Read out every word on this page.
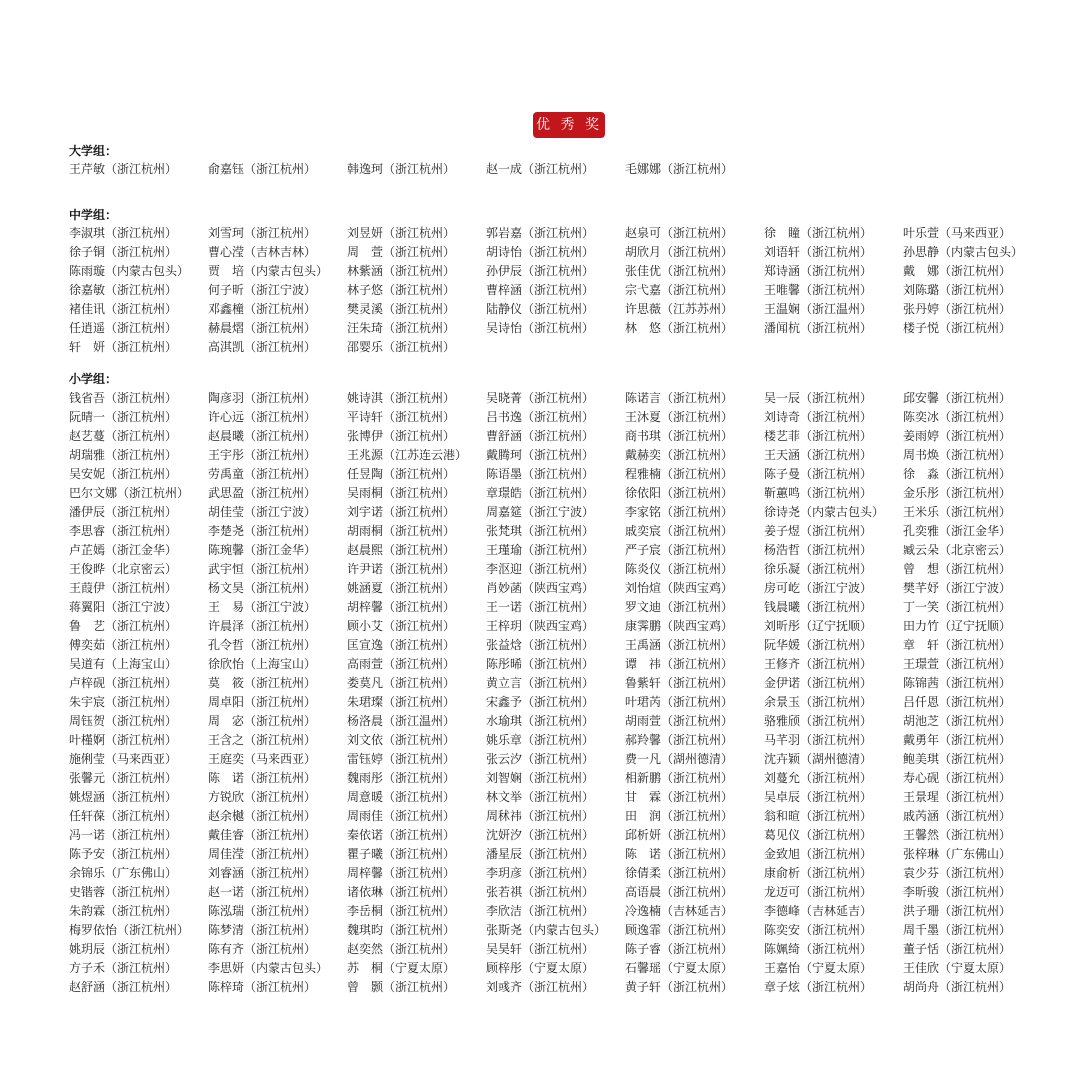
优 秀 奖
大学组：
王芹敏（浙江杭州）	俞嘉钰（浙江杭州）	韩逸珂（浙江杭州）	赵一成（浙江杭州）	毛娜娜（浙江杭州）
中学组：
李淑琪（浙江杭州）	刘雪珂（浙江杭州）	刘昱妍（浙江杭州）	郭岩嘉（浙江杭州）	赵泉可（浙江杭州）	徐　瞳（浙江杭州）	叶乐萱（马来西亚）
徐子铜（浙江杭州）	曹心滢（吉林吉林）	周　萱（浙江杭州）	胡诗怡（浙江杭州）	胡欣月（浙江杭州）	刘语轩（浙江杭州）	孙思静（内蒙古包头）
陈雨璇（内蒙古包头）	贾　培（内蒙古包头）	林紫涵（浙江杭州）	孙伊辰（浙江杭州）	张佳优（浙江杭州）	郑诗涵（浙江杭州）	戴　娜（浙江杭州）
徐嘉敏（浙江杭州）	何子昕（浙江宁波）	林子悠（浙江杭州）	曹梓涵（浙江杭州）	宗弋嘉（浙江杭州）	王唯馨（浙江杭州）	刘陈璐（浙江杭州）
褚佳讯（浙江杭州）	邓鑫橦（浙江杭州）	樊灵溪（浙江杭州）	陆静仪（浙江杭州）	许思薇（江苏苏州）	王温娴（浙江温州）	张丹婷（浙江杭州）
任逍遥（浙江杭州）	赫晨熠（浙江杭州）	汪朱琦（浙江杭州）	吴诗怡（浙江杭州）	林　悠（浙江杭州）	潘闻杭（浙江杭州）	楼子悦（浙江杭州）
轩　妍（浙江杭州）	高淇凯（浙江杭州）	邵婴乐（浙江杭州）
小学组：
钱省吾（浙江杭州）	陶彦羽（浙江杭州）	姚诗淇（浙江杭州）	吴晓菁（浙江杭州）	陈诺言（浙江杭州）	吴一辰（浙江杭州）	邱安馨（浙江杭州）
阮晴一（浙江杭州）	许心远（浙江杭州）	平诗轩（浙江杭州）	吕书逸（浙江杭州）	王沐夏（浙江杭州）	刘诗奇（浙江杭州）	陈奕冰（浙江杭州）
赵艺蔓（浙江杭州）	赵晨曦（浙江杭州）	张博伊（浙江杭州）	曹舒涵（浙江杭州）	商书琪（浙江杭州）	楼艺菲（浙江杭州）	姜雨婷（浙江杭州）
胡瑞雅（浙江杭州）	王宇彤（浙江杭州）	王兆源（江苏连云港）	戴腾珂（浙江杭州）	戴赫奕（浙江杭州）	王天涵（浙江杭州）	周书焕（浙江杭州）
吴安妮（浙江杭州）	劳禹童（浙江杭州）	任昱陶（浙江杭州）	陈语墨（浙江杭州）	程雅楠（浙江杭州）	陈子曼（浙江杭州）	徐　淼（浙江杭州）
巴尔文娜（浙江杭州）	武思盈（浙江杭州）	吴雨桐（浙江杭州）	章璟皓（浙江杭州）	徐依阳（浙江杭州）	靳蕙鸣（浙江杭州）	金乐彤（浙江杭州）
潘伊辰（浙江杭州）	胡佳莹（浙江宁波）	刘宇诺（浙江杭州）	周嘉筵（浙江宁波）	李家铭（浙江杭州）	徐诗尧（内蒙古包头）	王米乐（浙江杭州）
李思睿（浙江杭州）	李楚尧（浙江杭州）	胡雨桐（浙江杭州）	张梵琪（浙江杭州）	戚奕宸（浙江杭州）	姜子煜（浙江杭州）	孔奕雅（浙江金华）
卢芷嫣（浙江金华）	陈琬馨（浙江金华）	赵晨熙（浙江杭州）	王瑾瑜（浙江杭州）	严子宸（浙江杭州）	杨浩哲（浙江杭州）	臧云朵（北京密云）
王俊晔（北京密云）	武宇恒（浙江杭州）	许尹诺（浙江杭州）	李沤迎（浙江杭州）	陈炎仪（浙江杭州）	徐乐凝（浙江杭州）	曾　想（浙江杭州）
王葭伊（浙江杭州）	杨文昊（浙江杭州）	姚涵夏（浙江杭州）	肖妙菡（陕西宝鸡）	刘怡煊（陕西宝鸡）	房可屹（浙江宁波）	樊芊妤（浙江宁波）
蒋翼阳（浙江宁波）	王　易（浙江宁波）	胡梓馨（浙江杭州）	王一诺（浙江杭州）	罗文迪（浙江杭州）	钱晨曦（浙江杭州）	丁一笑（浙江杭州）
鲁　艺（浙江杭州）	许晨泽（浙江杭州）	顾小艾（浙江杭州）	王梓玥（陕西宝鸡）	康霁鹏（陕西宝鸡）	刘昕彤（辽宁抚顺）	田力竹（辽宁抚顺）
傅奕茹（浙江杭州）	孔令哲（浙江杭州）	匡宣逸（浙江杭州）	张益焓（浙江杭州）	王禹涵（浙江杭州）	阮华媛（浙江杭州）	章　轩（浙江杭州）
吴道有（上海宝山）	徐欣怡（上海宝山）	高雨萱（浙江杭州）	陈彤晞（浙江杭州）	谭　祎（浙江杭州）	王修齐（浙江杭州）	王璟萱（浙江杭州）
卢梓砚（浙江杭州）	莫　筱（浙江杭州）	娄莫凡（浙江杭州）	黄立言（浙江杭州）	鲁紫轩（浙江杭州）	金伊诺（浙江杭州）	陈锦茜（浙江杭州）
朱宇宸（浙江杭州）	周卓阳（浙江杭州）	朱珺璨（浙江杭州）	宋鑫予（浙江杭州）	叶珺芮（浙江杭州）	余景玉（浙江杭州）	吕仟恩（浙江杭州）
周钰贺（浙江杭州）	周　宓（浙江杭州）	杨洛晨（浙江温州）	水瑜琪（浙江杭州）	胡雨萱（浙江杭州）	骆雅颀（浙江杭州）	胡池芝（浙江杭州）
叶槿婀（浙江杭州）	王含之（浙江杭州）	刘文依（浙江杭州）	姚乐章（浙江杭州）	郝羚馨（浙江杭州）	马芊羽（浙江杭州）	戴勇年（浙江杭州）
施俐莹（马来西亚）	王庭奕（马来西亚）	雷钰婷（浙江杭州）	张云汐（浙江杭州）	费一凡（湖州德清）	沈卉颖（湖州德清）	鲍美琪（浙江杭州）
张馨元（浙江杭州）	陈　诺（浙江杭州）	魏雨彤（浙江杭州）	刘智娴（浙江杭州）	相新鹏（浙江杭州）	刘蔓允（浙江杭州）	寿心砚（浙江杭州）
姚煜涵（浙江杭州）	方锐欣（浙江杭州）	周意暖（浙江杭州）	林文举（浙江杭州）	甘　霖（浙江杭州）	吴卓辰（浙江杭州）	王景瑆（浙江杭州）
任轩葆（浙江杭州）	赵余樾（浙江杭州）	周雨佳（浙江杭州）	周秫祎（浙江杭州）	田　润（浙江杭州）	翁和暄（浙江杭州）	戚芮涵（浙江杭州）
冯一诺（浙江杭州）	戴佳睿（浙江杭州）	秦依诺（浙江杭州）	沈妍汐（浙江杭州）	邱析妍（浙江杭州）	葛见仪（浙江杭州）	王馨然（浙江杭州）
陈予安（浙江杭州）	周佳滢（浙江杭州）	瞿子曦（浙江杭州）	潘星辰（浙江杭州）	陈　诺（浙江杭州）	金致旭（浙江杭州）	张梓琳（广东佛山）
余锦乐（广东佛山）	刘睿涵（浙江杭州）	周梓馨（浙江杭州）	李玥彦（浙江杭州）	徐倩柔（浙江杭州）	康俞析（浙江杭州）	袁少芬（浙江杭州）
史锴蓉（浙江杭州）	赵一诺（浙江杭州）	诸依琳（浙江杭州）	张若祺（浙江杭州）	高语晨（浙江杭州）	龙迈可（浙江杭州）	李昕骏（浙江杭州）
朱韵霖（浙江杭州）	陈泓瑞（浙江杭州）	李岳桐（浙江杭州）	李欣洁（浙江杭州）	冷逸楠（吉林延吉）	李德峰（吉林延吉）	洪子珊（浙江杭州）
梅罗依怡（浙江杭州）	陈梦清（浙江杭州）	魏琪昀（浙江杭州）	张斯尧（内蒙古包头）	顾逸霏（浙江杭州）	陈奕安（浙江杭州）	周千墨（浙江杭州）
姚玥辰（浙江杭州）	陈有齐（浙江杭州）	赵奕然（浙江杭州）	吴昊轩（浙江杭州）	陈子睿（浙江杭州）	陈姵绮（浙江杭州）	董子恬（浙江杭州）
方子禾（浙江杭州）	李思妍（内蒙古包头）	苏　桐（宁夏太原）	顾梓彤（宁夏太原）	石馨瑶（宁夏太原）	王嘉怡（宁夏太原）	王佳欣（宁夏太原）
赵舒涵（浙江杭州）	陈梓琦（浙江杭州）	曾　颢（浙江杭州）	刘彧齐（浙江杭州）	黄子轩（浙江杭州）	章子炫（浙江杭州）	胡尚舟（浙江杭州）
